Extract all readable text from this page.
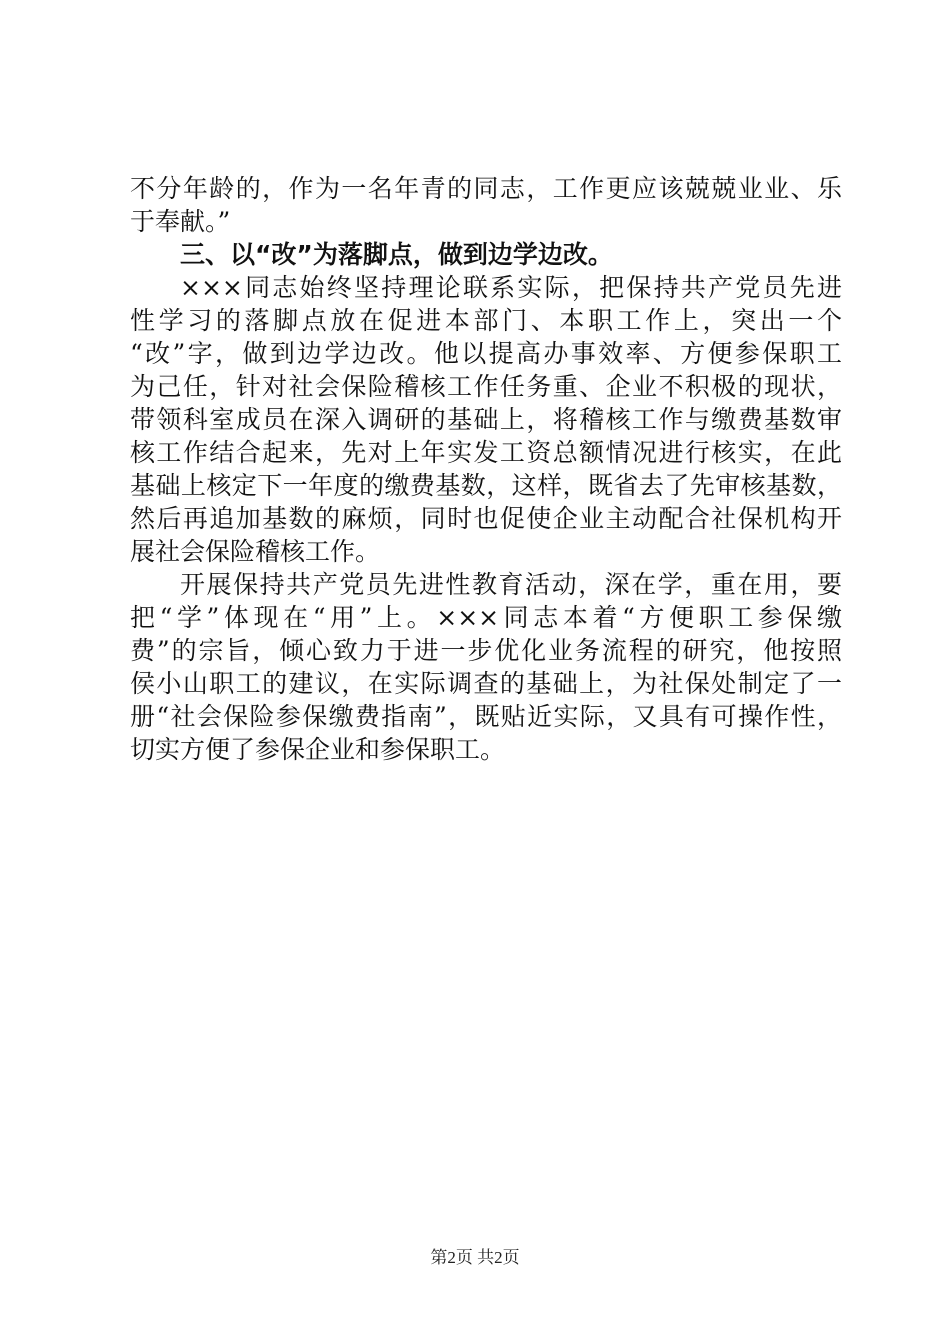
不分年龄的，作为一名年青的同志，工作更应该兢兢业业、乐
于奉献。”
三、以“改”为落脚点，做到边学边改。
×××同志始终坚持理论联系实际，把保持共产党员先进
性学习的落脚点放在促进本部门、本职工作上，突出一个
“改”字，做到边学边改。他以提高办事效率、方便参保职工
为己任，针对社会保险稽核工作任务重、企业不积极的现状，
带领科室成员在深入调研的基础上，将稽核工作与缴费基数审
核工作结合起来，先对上年实发工资总额情况进行核实，在此
基础上核定下一年度的缴费基数，这样，既省去了先审核基数，
然后再追加基数的麻烦，同时也促使企业主动配合社保机构开
展社会保险稽核工作。
开展保持共产党员先进性教育活动，深在学，重在用，要
把“学”体现在“用”上。×××同志本着“方便职工参保缴
费”的宗旨，倾心致力于进一步优化业务流程的研究，他按照
侯小山职工的建议，在实际调查的基础上，为社保处制定了一
册“社会保险参保缴费指南”，既贴近实际，又具有可操作性，
切实方便了参保企业和参保职工。
第2页 共2页
